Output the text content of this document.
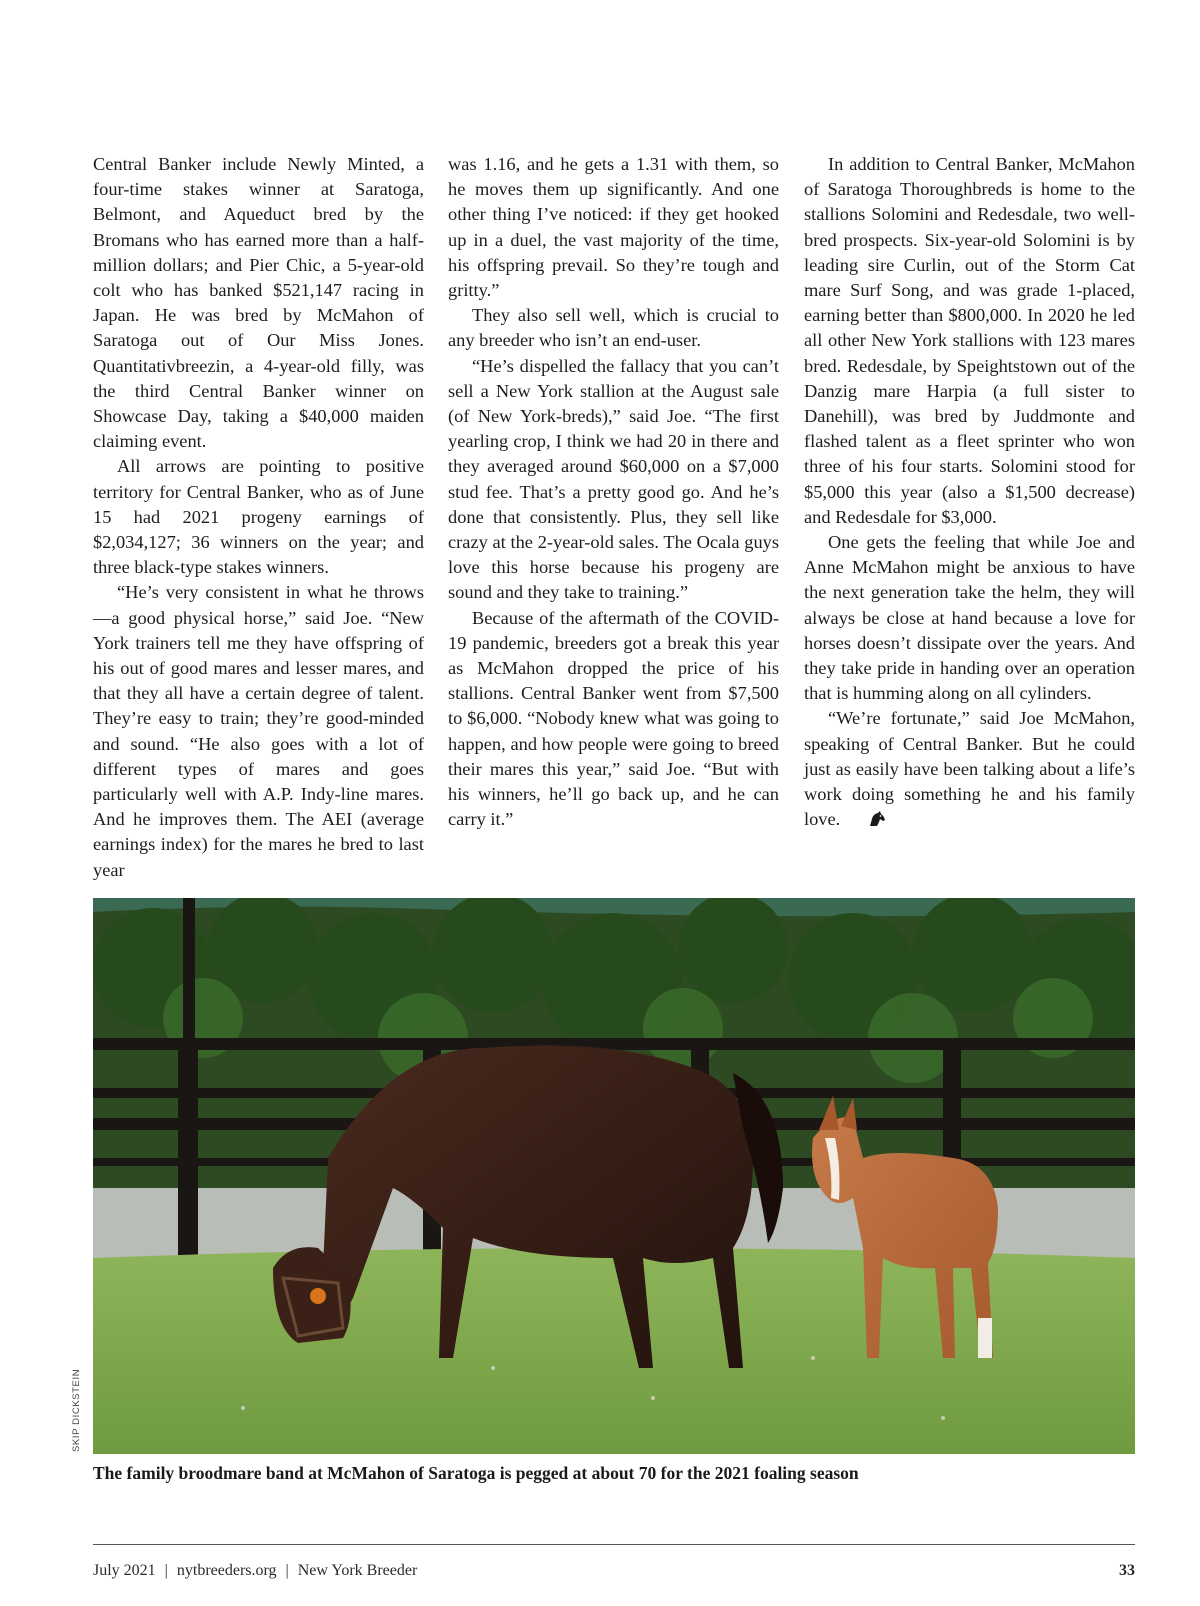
Central Banker include Newly Minted, a four-time stakes winner at Saratoga, Belmont, and Aqueduct bred by the Bromans who has earned more than a half-million dollars; and Pier Chic, a 5-year-old colt who has banked $521,147 racing in Japan. He was bred by McMahon of Saratoga out of Our Miss Jones. Quantitativbreezin, a 4-year-old filly, was the third Central Banker winner on Showcase Day, taking a $40,000 maiden claiming event.

All arrows are pointing to positive territory for Central Banker, who as of June 15 had 2021 progeny earnings of $2,034,127; 36 winners on the year; and three black-type stakes winners.

“He’s very consistent in what he throws—a good physical horse,” said Joe. “New York trainers tell me they have offspring of his out of good mares and lesser mares, and that they all have a certain degree of talent. They’re easy to train; they’re good-minded and sound. “He also goes with a lot of different types of mares and goes particularly well with A.P. Indy-line mares. And he improves them. The AEI (average earnings index) for the mares he bred to last year

was 1.16, and he gets a 1.31 with them, so he moves them up significantly. And one other thing I’ve noticed: if they get hooked up in a duel, the vast majority of the time, his offspring prevail. So they’re tough and gritty.”

They also sell well, which is crucial to any breeder who isn’t an end-user.

“He’s dispelled the fallacy that you can’t sell a New York stallion at the August sale (of New York-breds),” said Joe. “The first yearling crop, I think we had 20 in there and they averaged around $60,000 on a $7,000 stud fee. That’s a pretty good go. And he’s done that consistently. Plus, they sell like crazy at the 2-year-old sales. The Ocala guys love this horse because his progeny are sound and they take to training.”

Because of the aftermath of the COVID-19 pandemic, breeders got a break this year as McMahon dropped the price of his stallions. Central Banker went from $7,500 to $6,000. “Nobody knew what was going to happen, and how people were going to breed their mares this year,” said Joe. “But with his winners, he’ll go back up, and he can carry it.”

In addition to Central Banker, McMahon of Saratoga Thoroughbreds is home to the stallions Solomini and Redesdale, two well-bred prospects. Six-year-old Solomini is by leading sire Curlin, out of the Storm Cat mare Surf Song, and was grade 1-placed, earning better than $800,000. In 2020 he led all other New York stallions with 123 mares bred. Redesdale, by Speightstown out of the Danzig mare Harpia (a full sister to Danehill), was bred by Juddmonte and flashed talent as a fleet sprinter who won three of his four starts. Solomini stood for $5,000 this year (also a $1,500 decrease) and Redesdale for $3,000.

One gets the feeling that while Joe and Anne McMahon might be anxious to have the next generation take the helm, they will always be close at hand because a love for horses doesn’t dissipate over the years. And they take pride in handing over an operation that is humming along on all cylinders.

“We’re fortunate,” said Joe McMahon, speaking of Central Banker. But he could just as easily have been talking about a life’s work doing something he and his family love.

SKIP DICKSTEIN
The family broodmare band at McMahon of Saratoga is pegged at about 70 for the 2021 foaling season
July 2021 | nytbreeders.org | New York Breeder	33
